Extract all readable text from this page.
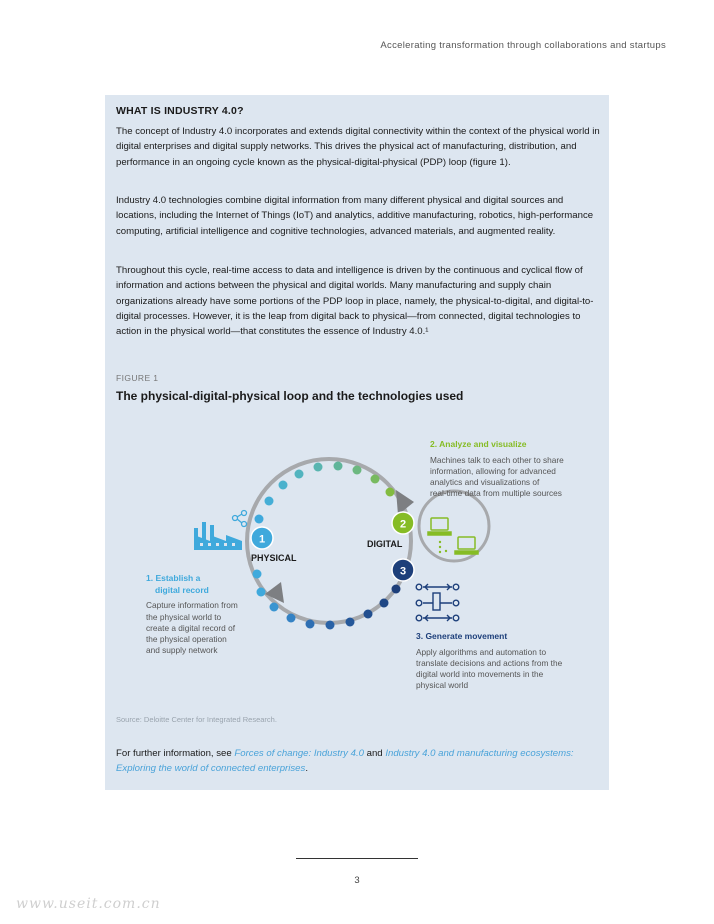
Accelerating transformation through collaborations and startups
WHAT IS INDUSTRY 4.0?

The concept of Industry 4.0 incorporates and extends digital connectivity within the context of the physical world in digital enterprises and digital supply networks. This drives the physical act of manufacturing, distribution, and performance in an ongoing cycle known as the physical-digital-physical (PDP) loop (figure 1).

Industry 4.0 technologies combine digital information from many different physical and digital sources and locations, including the Internet of Things (IoT) and analytics, additive manufacturing, robotics, high-performance computing, artificial intelligence and cognitive technologies, advanced materials, and augmented reality.

Throughout this cycle, real-time access to data and intelligence is driven by the continuous and cyclical flow of information and actions between the physical and digital worlds. Many manufacturing and supply chain organizations already have some portions of the PDP loop in place, namely, the physical-to-digital, and digital-to-digital processes. However, it is the leap from digital back to physical—from connected, digital technologies to action in the physical world—that constitutes the essence of Industry 4.0.¹

FIGURE 1
The physical-digital-physical loop and the technologies used
1
PHYSICAL
2
DIGITAL
3
1. Establish a
digital record
Capture information from
the physical world to
create a digital record of
the physical operation
and supply network
2. Analyze and visualize
Machines talk to each other to share
information, allowing for advanced
analytics and visualizations of
real-time data from multiple sources
3. Generate movement
Apply algorithms and automation to
translate decisions and actions from the
digital world into movements in the
physical world
Source: Deloitte Center for Integrated Research.
For further information, see Forces of change: Industry 4.0 and Industry 4.0 and manufacturing ecosystems: Exploring the world of connected enterprises.
3
www.useit.com.cn
